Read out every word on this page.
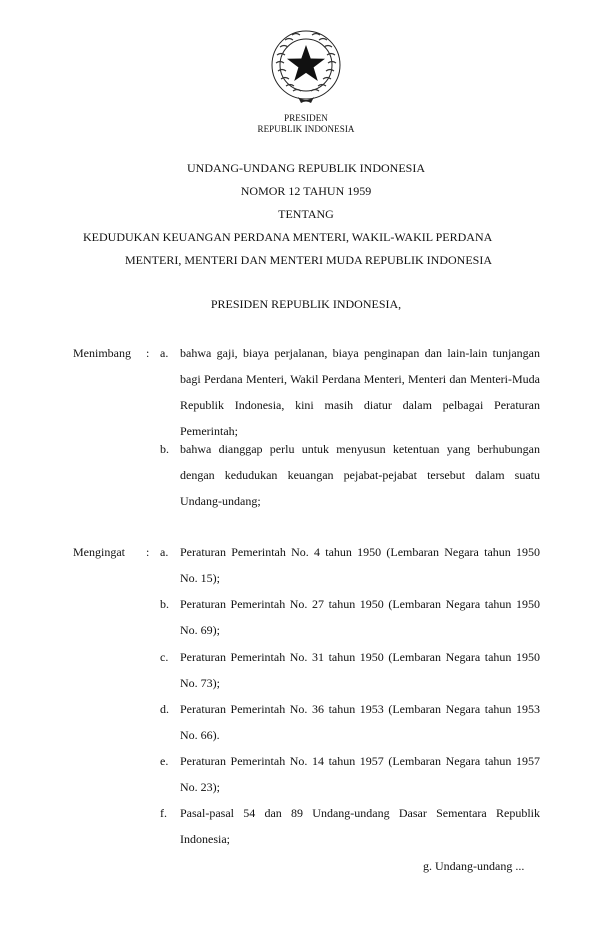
PRESIDEN
REPUBLIK INDONESIA
UNDANG-UNDANG REPUBLIK INDONESIA
NOMOR 12 TAHUN 1959
TENTANG
KEDUDUKAN KEUANGAN PERDANA MENTERI, WAKIL-WAKIL PERDANA
MENTERI, MENTERI DAN MENTERI MUDA REPUBLIK INDONESIA
PRESIDEN REPUBLIK INDONESIA,
Menimbang : a. bahwa gaji, biaya perjalanan, biaya penginapan dan lain-lain tunjangan bagi Perdana Menteri, Wakil Perdana Menteri, Menteri dan Menteri-Muda Republik Indonesia, kini masih diatur dalam pelbagai Peraturan Pemerintah;
b. bahwa dianggap perlu untuk menyusun ketentuan yang berhubungan dengan kedudukan keuangan pejabat-pejabat tersebut dalam suatu Undang-undang;
Mengingat : a. Peraturan Pemerintah No. 4 tahun 1950 (Lembaran Negara tahun 1950 No. 15);
b. Peraturan Pemerintah No. 27 tahun 1950 (Lembaran Negara tahun 1950 No. 69);
c. Peraturan Pemerintah No. 31 tahun 1950 (Lembaran Negara tahun 1950 No. 73);
d. Peraturan Pemerintah No. 36 tahun 1953 (Lembaran Negara tahun 1953 No. 66).
e. Peraturan Pemerintah No. 14 tahun 1957 (Lembaran Negara tahun 1957 No. 23);
f.	Pasal-pasal 54 dan 89 Undang-undang Dasar Sementara Republik Indonesia;
g. Undang-undang ...
